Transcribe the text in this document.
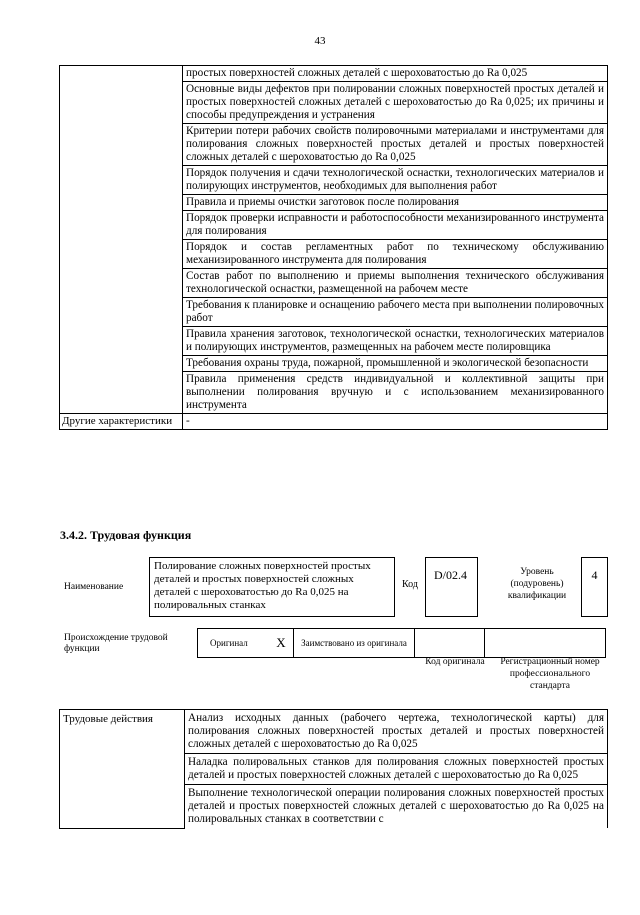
43
	простых поверхностей сложных деталей с шероховатостью до Ra 0,025
	Основные виды дефектов при полировании сложных поверхностей простых деталей и простых поверхностей сложных деталей с шероховатостью до Ra 0,025; их причины и способы предупреждения и устранения
	Критерии потери рабочих свойств полировочными материалами и инструментами для полирования сложных поверхностей простых деталей и простых поверхностей сложных деталей с шероховатостью до Ra 0,025
	Порядок получения и сдачи технологической оснастки, технологических материалов и полирующих инструментов, необходимых для выполнения работ
	Правила и приемы очистки заготовок после полирования
	Порядок проверки исправности и работоспособности механизированного инструмента для полирования
	Порядок и состав регламентных работ по техническому обслуживанию механизированного инструмента для полирования
	Состав работ по выполнению и приемы выполнения технического обслуживания технологической оснастки, размещенной на рабочем месте
	Требования к планировке и оснащению рабочего места при выполнении полировочных работ
	Правила хранения заготовок, технологической оснастки, технологических материалов и полирующих инструментов, размещенных на рабочем месте полировщика
	Требования охраны труда, пожарной, промышленной и экологической безопасности
	Правила применения средств индивидуальной и коллективной защиты при выполнении полирования вручную и с использованием механизированного инструмента
Другие характеристики	-
3.4.2. Трудовая функция
Наименование
Полирование сложных поверхностей простых деталей и простых поверхностей сложных деталей с шероховатостью до Ra 0,025 на полировальных станках
Код
D/02.4	Уровень (подуровень) квалификации
4
Происхождение трудовой функции
Оригинал	X	Заимствовано из оригинала		
Код оригинала	Регистрационный номер профессионального стандарта
Трудовые действия	Анализ исходных данных (рабочего чертежа, технологической карты) для полирования сложных поверхностей простых деталей и простых поверхностей сложных деталей с шероховатостью до Ra 0,025
Наладка полировальных станков для полирования сложных поверхностей простых деталей и простых поверхностей сложных деталей с шероховатостью до Ra 0,025
Выполнение технологической операции полирования сложных поверхностей простых деталей и простых поверхностей сложных деталей с шероховатостью до Ra 0,025 на полировальных станках в соответствии с
